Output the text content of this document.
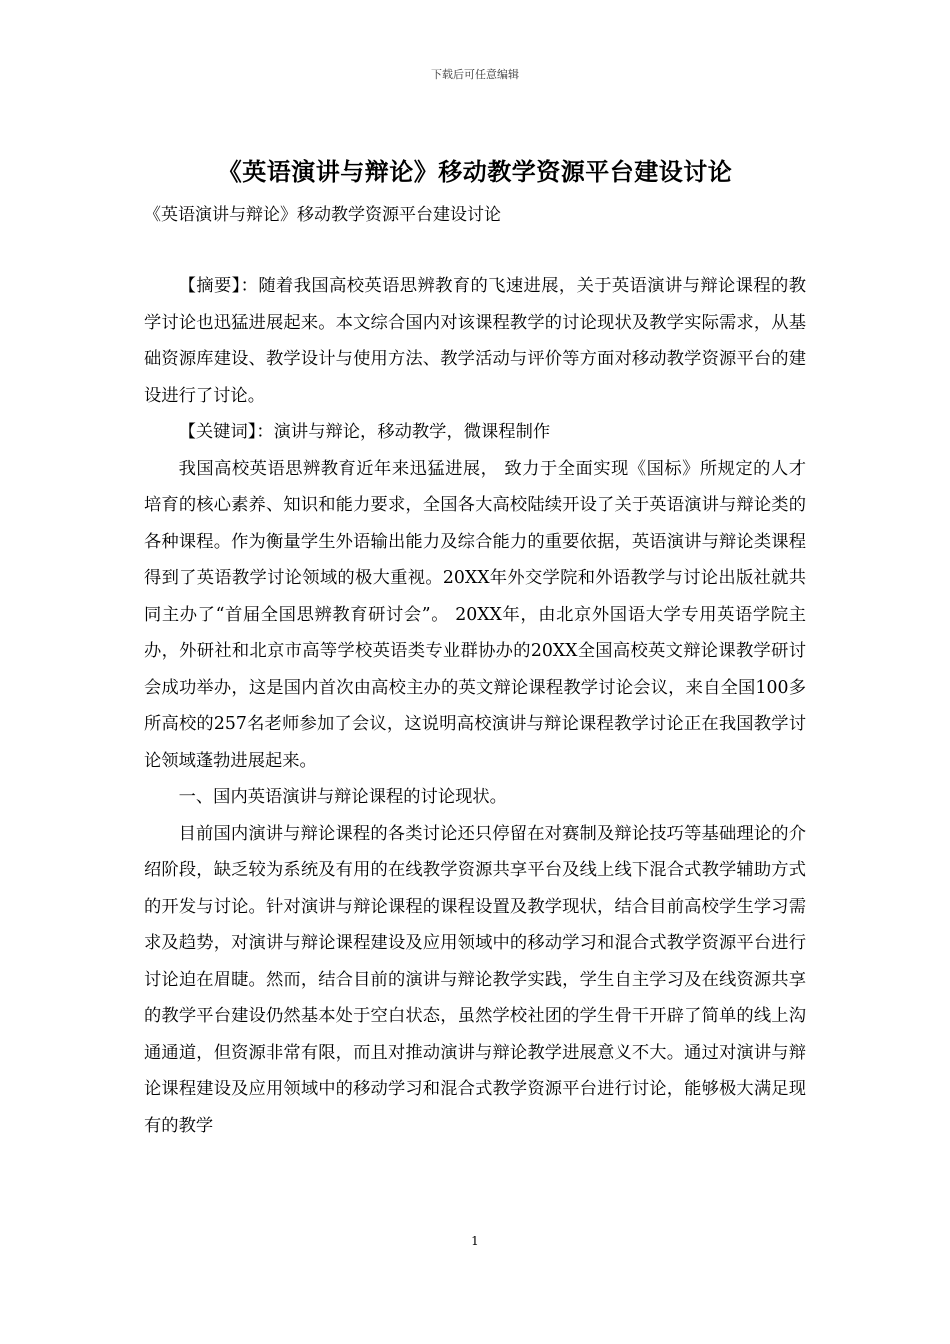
下载后可任意编辑
《英语演讲与辩论》移动教学资源平台建设讨论

《英语演讲与辩论》移动教学资源平台建设讨论

【摘要】：随着我国高校英语思辨教育的飞速进展，关于英语演讲与辩论课程的教学讨论也迅猛进展起来。本文综合国内对该课程教学的讨论现状及教学实际需求，从基础资源库建设、教学设计与使用方法、教学活动与评价等方面对移动教学资源平台的建设进行了讨论。

【关键词】：演讲与辩论，移动教学，微课程制作

我国高校英语思辨教育近年来迅猛进展， 致力于全面实现《国标》所规定的人才培育的核心素养、知识和能力要求，全国各大高校陆续开设了关于英语演讲与辩论类的各种课程。作为衡量学生外语输出能力及综合能力的重要依据，英语演讲与辩论类课程得到了英语教学讨论领域的极大重视。20XX年外交学院和外语教学与讨论出版社就共同主办了“首届全国思辨教育研讨会”。 20XX年，由北京外国语大学专用英语学院主办，外研社和北京市高等学校英语类专业群协办的20XX全国高校英文辩论课教学研讨会成功举办，这是国内首次由高校主办的英文辩论课程教学讨论会议，来自全国100多所高校的257名老师参加了会议，这说明高校演讲与辩论课程教学讨论正在我国教学讨论领域蓬勃进展起来。

一、国内英语演讲与辩论课程的讨论现状。

目前国内演讲与辩论课程的各类讨论还只停留在对赛制及辩论技巧等基础理论的介绍阶段，缺乏较为系统及有用的在线教学资源共享平台及线上线下混合式教学辅助方式的开发与讨论。针对演讲与辩论课程的课程设置及教学现状，结合目前高校学生学习需求及趋势，对演讲与辩论课程建设及应用领域中的移动学习和混合式教学资源平台进行讨论迫在眉睫。然而，结合目前的演讲与辩论教学实践，学生自主学习及在线资源共享的教学平台建设仍然基本处于空白状态，虽然学校社团的学生骨干开辟了简单的线上沟通通道，但资源非常有限，而且对推动演讲与辩论教学进展意义不大。通过对演讲与辩论课程建设及应用领域中的移动学习和混合式教学资源平台进行讨论，能够极大满足现有的教学

1
